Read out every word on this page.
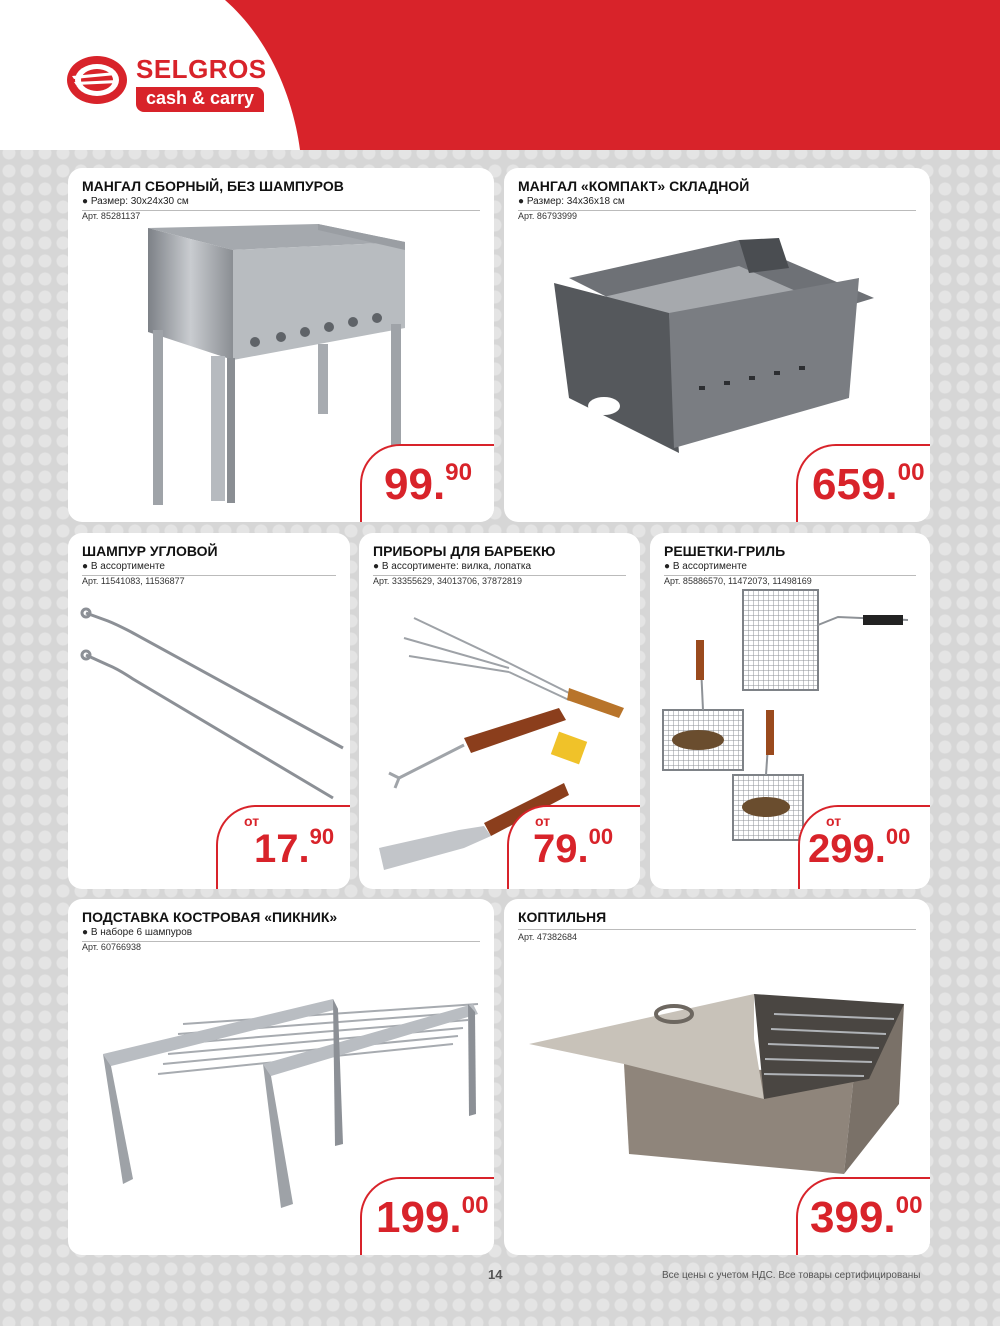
SELGROS
cash & carry
МАНГАЛ СБОРНЫЙ, БЕЗ ШАМПУРОВ
● Размер: 30х24х30 см
Арт. 85281137
99.90
МАНГАЛ «КОМПАКТ» СКЛАДНОЙ
● Размер: 34х36х18 см
Арт. 86793999
659.00
ШАМПУР УГЛОВОЙ
● В ассортименте
Арт. 11541083, 11536877
от
17.90
ПРИБОРЫ ДЛЯ БАРБЕКЮ
● В ассортименте: вилка, лопатка
Арт. 33355629, 34013706, 37872819
от
79.00
РЕШЕТКИ-ГРИЛЬ
● В ассортименте
Арт. 85886570, 11472073, 11498169
от
299.00
ПОДСТАВКА КОСТРОВАЯ «ПИКНИК»
● В наборе 6 шампуров
Арт. 60766938
199.00
КОПТИЛЬНЯ
Арт. 47382684
399.00
14	Все цены с учетом НДС. Все товары сертифицированы
